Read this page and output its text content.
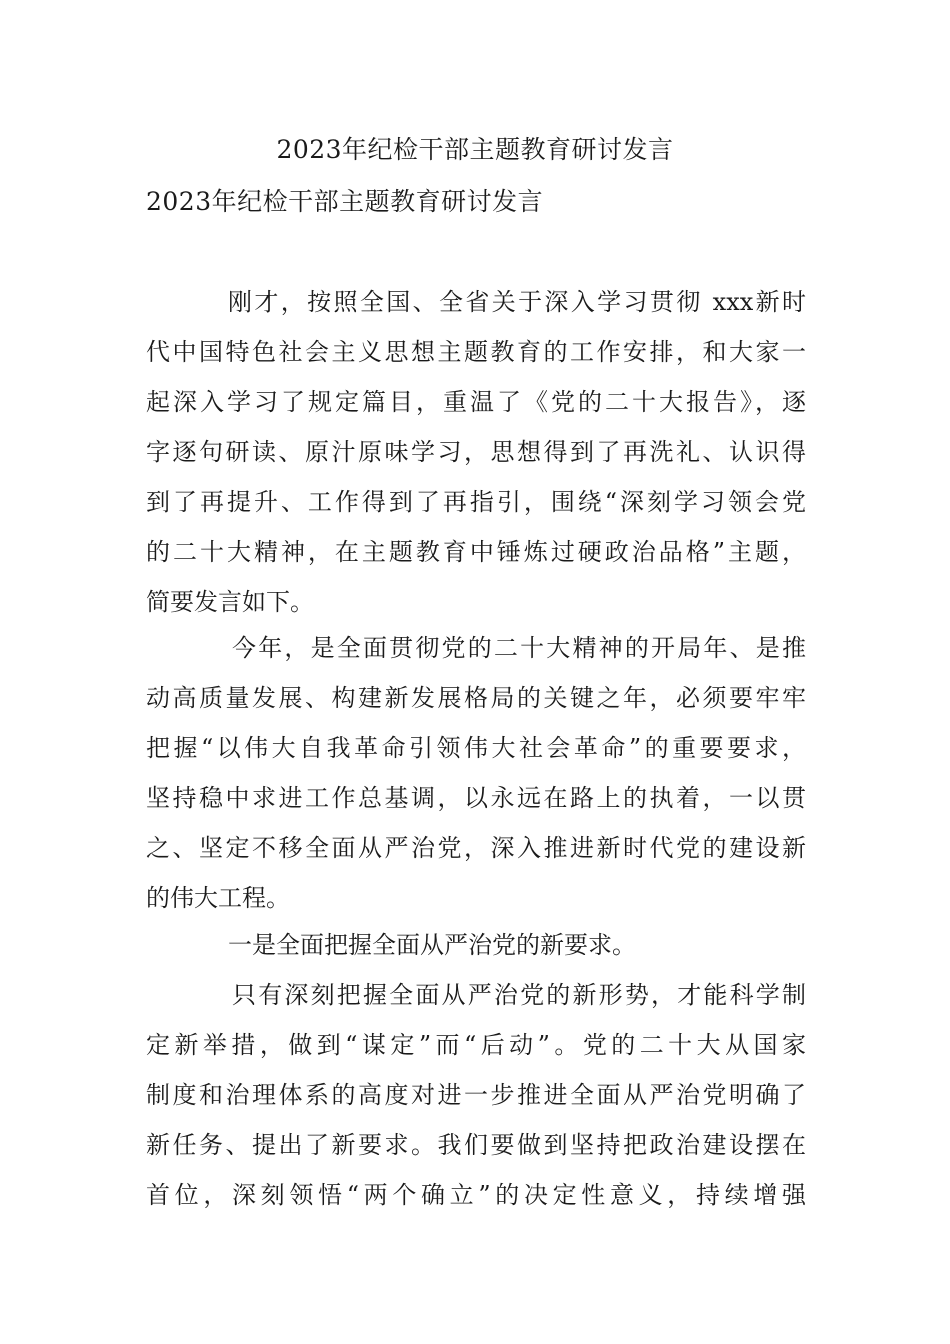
2023年纪检干部主题教育研讨发言
2023年纪检干部主题教育研讨发言
刚才，按照全国、全省关于深入学习贯彻 xxx新时
代中国特色社会主义思想主题教育的工作安排，和大家一
起深入学习了规定篇目，重温了《党的二十大报告》，逐
字逐句研读、原汁原味学习，思想得到了再洗礼、认识得
到了再提升、工作得到了再指引，围绕“深刻学习领会党
的二十大精神，在主题教育中锤炼过硬政治品格”主题，
简要发言如下。
今年，是全面贯彻党的二十大精神的开局年、是推
动高质量发展、构建新发展格局的关键之年，必须要牢牢
把握“以伟大自我革命引领伟大社会革命”的重要要求，
坚持稳中求进工作总基调，以永远在路上的执着，一以贯
之、坚定不移全面从严治党，深入推进新时代党的建设新
的伟大工程。
一是全面把握全面从严治党的新要求。
只有深刻把握全面从严治党的新形势，才能科学制
定新举措，做到“谋定”而“后动”。党的二十大从国家
制度和治理体系的高度对进一步推进全面从严治党明确了
新任务、提出了新要求。我们要做到坚持把政治建设摆在
首位，深刻领悟“两个确立”的决定性意义，持续增强
